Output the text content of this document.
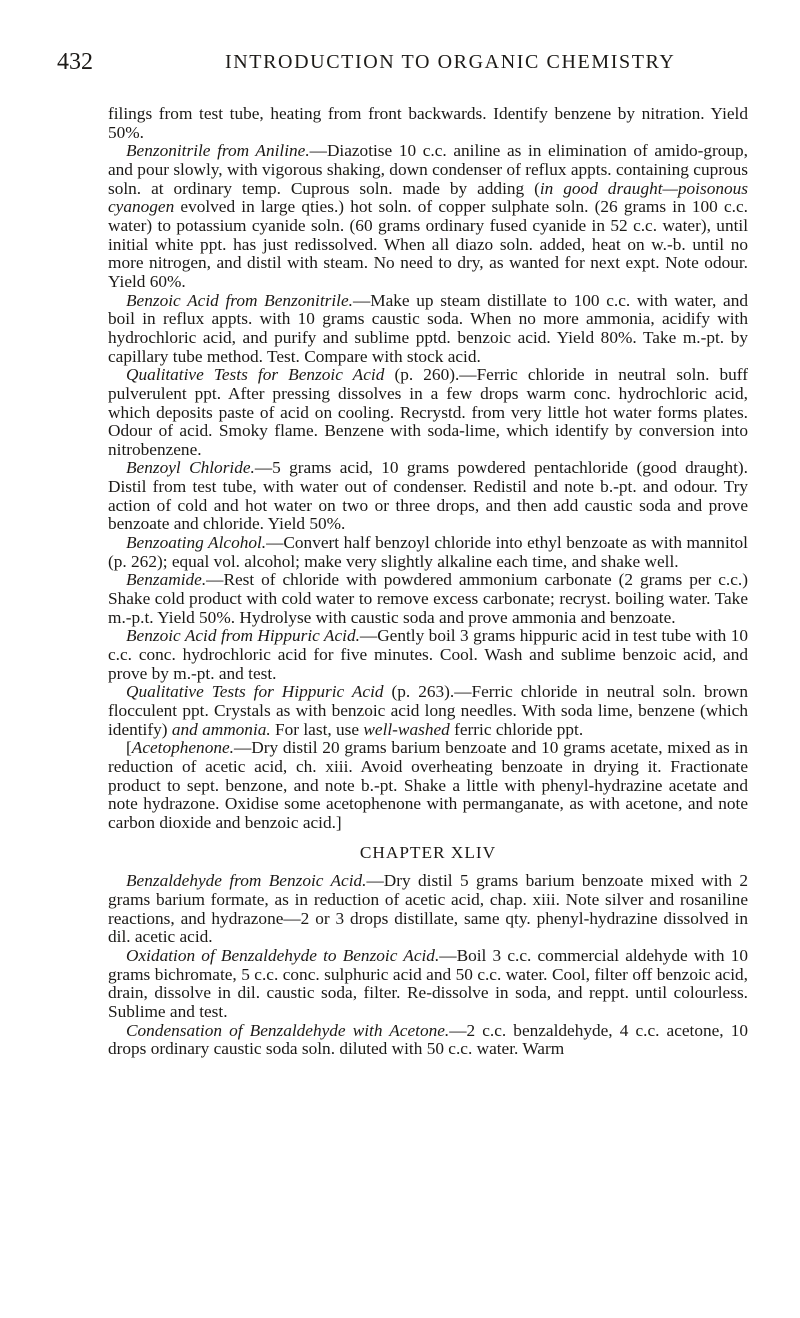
432	INTRODUCTION TO ORGANIC CHEMISTRY

filings from test tube, heating from front backwards. Identify benzene by nitration. Yield 50%.

Benzonitrile from Aniline.—Diazotise 10 c.c. aniline as in elimination of amido-group, and pour slowly, with vigorous shaking, down condenser of reflux appts. containing cuprous soln. at ordinary temp. Cuprous soln. made by adding (in good draught—poisonous cyanogen evolved in large qties.) hot soln. of copper sulphate soln. (26 grams in 100 c.c. water) to potassium cyanide soln. (60 grams ordinary fused cyanide in 52 c.c. water), until initial white ppt. has just redissolved. When all diazo soln. added, heat on w.-b. until no more nitrogen, and distil with steam. No need to dry, as wanted for next expt. Note odour. Yield 60%.

Benzoic Acid from Benzonitrile.—Make up steam distillate to 100 c.c. with water, and boil in reflux appts. with 10 grams caustic soda. When no more ammonia, acidify with hydrochloric acid, and purify and sublime pptd. benzoic acid. Yield 80%. Take m.-pt. by capillary tube method. Test. Compare with stock acid.

Qualitative Tests for Benzoic Acid (p. 260).—Ferric chloride in neutral soln. buff pulverulent ppt. After pressing dissolves in a few drops warm conc. hydrochloric acid, which deposits paste of acid on cooling. Recrystd. from very little hot water forms plates. Odour of acid. Smoky flame. Benzene with soda-lime, which identify by conversion into nitrobenzene.

Benzoyl Chloride.—5 grams acid, 10 grams powdered pentachloride (good draught). Distil from test tube, with water out of condenser. Redistil and note b.-pt. and odour. Try action of cold and hot water on two or three drops, and then add caustic soda and prove benzoate and chloride. Yield 50%.

Benzoating Alcohol.—Convert half benzoyl chloride into ethyl benzoate as with mannitol (p. 262); equal vol. alcohol; make very slightly alkaline each time, and shake well.

Benzamide.—Rest of chloride with powdered ammonium carbonate (2 grams per c.c.) Shake cold product with cold water to remove excess carbonate; recryst. boiling water. Take m.-p.t. Yield 50%. Hydrolyse with caustic soda and prove ammonia and benzoate.

Benzoic Acid from Hippuric Acid.—Gently boil 3 grams hippuric acid in test tube with 10 c.c. conc. hydrochloric acid for five minutes. Cool. Wash and sublime benzoic acid, and prove by m.-pt. and test.

Qualitative Tests for Hippuric Acid (p. 263).—Ferric chloride in neutral soln. brown flocculent ppt. Crystals as with benzoic acid long needles. With soda lime, benzene (which identify) and ammonia. For last, use well-washed ferric chloride ppt.

[Acetophenone.—Dry distil 20 grams barium benzoate and 10 grams acetate, mixed as in reduction of acetic acid, ch. xiii. Avoid overheating benzoate in drying it. Fractionate product to sept. benzone, and note b.-pt. Shake a little with phenyl-hydrazine acetate and note hydrazone. Oxidise some acetophenone with permanganate, as with acetone, and note carbon dioxide and benzoic acid.]

CHAPTER XLIV

Benzaldehyde from Benzoic Acid.—Dry distil 5 grams barium benzoate mixed with 2 grams barium formate, as in reduction of acetic acid, chap. xiii. Note silver and rosaniline reactions, and hydrazone—2 or 3 drops distillate, same qty. phenyl-hydrazine dissolved in dil. acetic acid.

Oxidation of Benzaldehyde to Benzoic Acid.—Boil 3 c.c. commercial aldehyde with 10 grams bichromate, 5 c.c. conc. sulphuric acid and 50 c.c. water. Cool, filter off benzoic acid, drain, dissolve in dil. caustic soda, filter. Re-dissolve in soda, and reppt. until colourless. Sublime and test.

Condensation of Benzaldehyde with Acetone.—2 c.c. benzaldehyde, 4 c.c. acetone, 10 drops ordinary caustic soda soln. diluted with 50 c.c. water. Warm
